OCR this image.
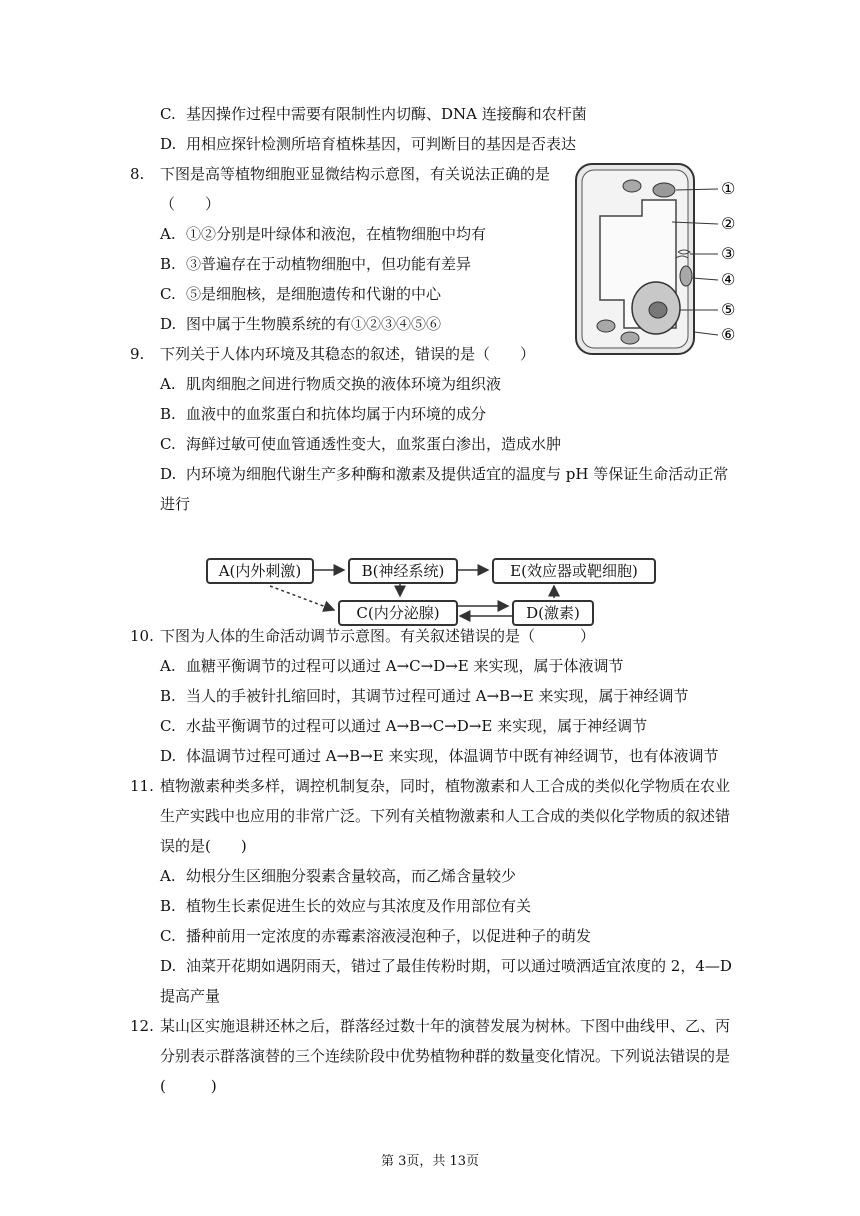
C. 基因操作过程中需要有限制性内切酶、DNA 连接酶和农杆菌
D. 用相应探针检测所培育植株基因，可判断目的基因是否表达
8. 下图是高等植物细胞亚显微结构示意图，有关说法正确的是
（　　）
A. ①②分别是叶绿体和液泡，在植物细胞中均有
B. ③普遍存在于动植物细胞中，但功能有差异
C. ⑤是细胞核，是细胞遗传和代谢的中心
D. 图中属于生物膜系统的有①②③④⑤⑥
①
②
③
④
⑤
⑥
9. 下列关于人体内环境及其稳态的叙述，错误的是（　　）
A. 肌肉细胞之间进行物质交换的液体环境为组织液
B. 血液中的血浆蛋白和抗体均属于内环境的成分
C. 海鲜过敏可使血管通透性变大，血浆蛋白渗出，造成水肿
D. 内环境为细胞代谢生产多种酶和激素及提供适宜的温度与 pH 等保证生命活动正常
进行
A(内外刺激)	B(神经系统)	E(效应器或靶细胞)
C(内分泌腺)	D(激素)
10. 下图为人体的生命活动调节示意图。有关叙述错误的是（　　　）
A. 血糖平衡调节的过程可以通过 A→C→D→E 来实现，属于体液调节
B. 当人的手被针扎缩回时，其调节过程可通过 A→B→E 来实现，属于神经调节
C. 水盐平衡调节的过程可以通过 A→B→C→D→E 来实现，属于神经调节
D. 体温调节过程可通过 A→B→E 来实现，体温调节中既有神经调节，也有体液调节
11. 植物激素种类多样，调控机制复杂，同时，植物激素和人工合成的类似化学物质在农业
生产实践中也应用的非常广泛。下列有关植物激素和人工合成的类似化学物质的叙述错
误的是(　　)
A. 幼根分生区细胞分裂素含量较高，而乙烯含量较少
B. 植物生长素促进生长的效应与其浓度及作用部位有关
C. 播种前用一定浓度的赤霉素溶液浸泡种子，以促进种子的萌发
D. 油菜开花期如遇阴雨天，错过了最佳传粉时期，可以通过喷洒适宜浓度的 2，4—D
提高产量
12. 某山区实施退耕还林之后，群落经过数十年的演替发展为树林。下图中曲线甲、乙、丙
分别表示群落演替的三个连续阶段中优势植物种群的数量变化情况。下列说法错误的是
(　　　)
第 3页，共 13页
